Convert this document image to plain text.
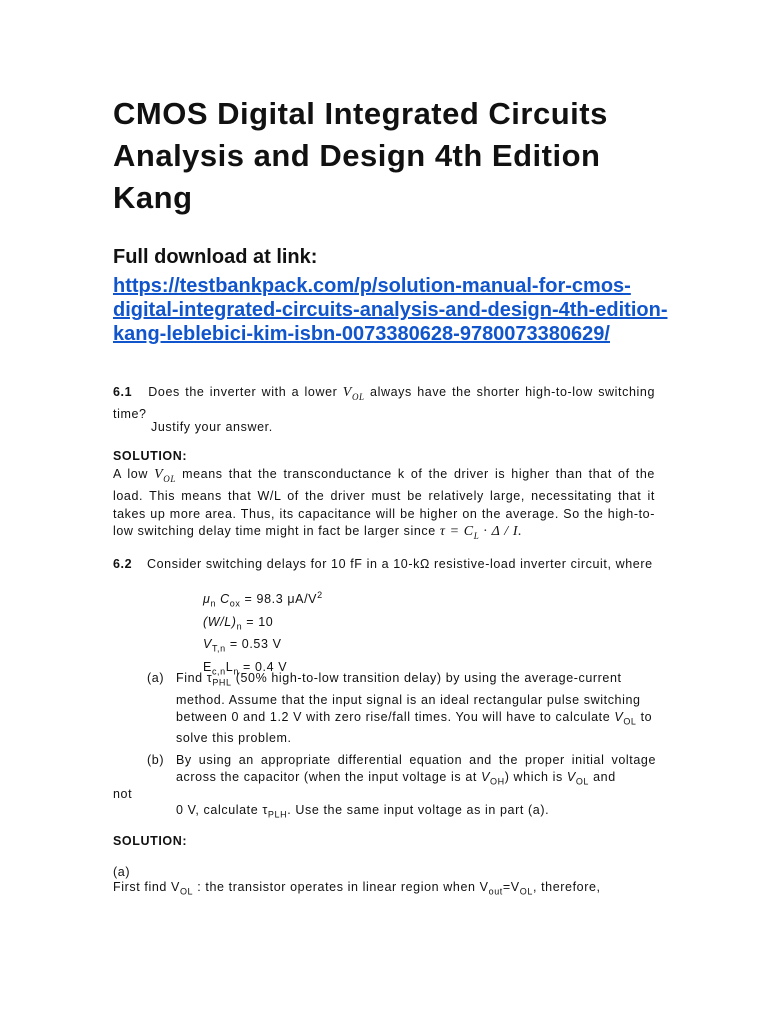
CMOS Digital Integrated Circuits Analysis and Design 4th Edition Kang
Full download at link:
https://testbankpack.com/p/solution-manual-for-cmos-digital-integrated-circuits-analysis-and-design-4th-edition-kang-leblebici-kim-isbn-0073380628-9780073380629/
6.1 Does the inverter with a lower $V_{OL}$ always have the shorter high-to-low switching time?
Justify your answer.
SOLUTION:
A low $V_{OL}$ means that the transconductance k of the driver is higher than that of the load. This means that W/L of the driver must be relatively large, necessitating that it takes up more area. Thus, its capacitance will be higher on the average. So the high-to-low switching delay time might in fact be larger since $\tau = C_L \cdot \Delta / I$.
6.2 Consider switching delays for 10 fF in a 10-kΩ resistive-load inverter circuit, where
$\mu_n$ $C_{ox} = 98.3$ $\mu A/V^2$
$(W/L)_n = 10$
$V_{T,n} = 0.53$ V
$E_{c,n}L_n = 0.4$ V
(a) Find $\tau_{PHL}$ (50% high-to-low transition delay) by using the average-current method. Assume that the input signal is an ideal rectangular pulse switching between 0 and 1.2 V with zero rise/fall times. You will have to calculate $V_{OL}$ to solve this problem.
(b) By using an appropriate differential equation and the proper initial voltage across the capacitor (when the input voltage is at $V_{OH}$) which is $V_{OL}$ and
not
0 V, calculate $\tau_{PLH}$. Use the same input voltage as in part (a).
SOLUTION:
(a)
First find $V_{OL}$ : the transistor operates in linear region when $V_{out}=V_{OL}$, therefore,
